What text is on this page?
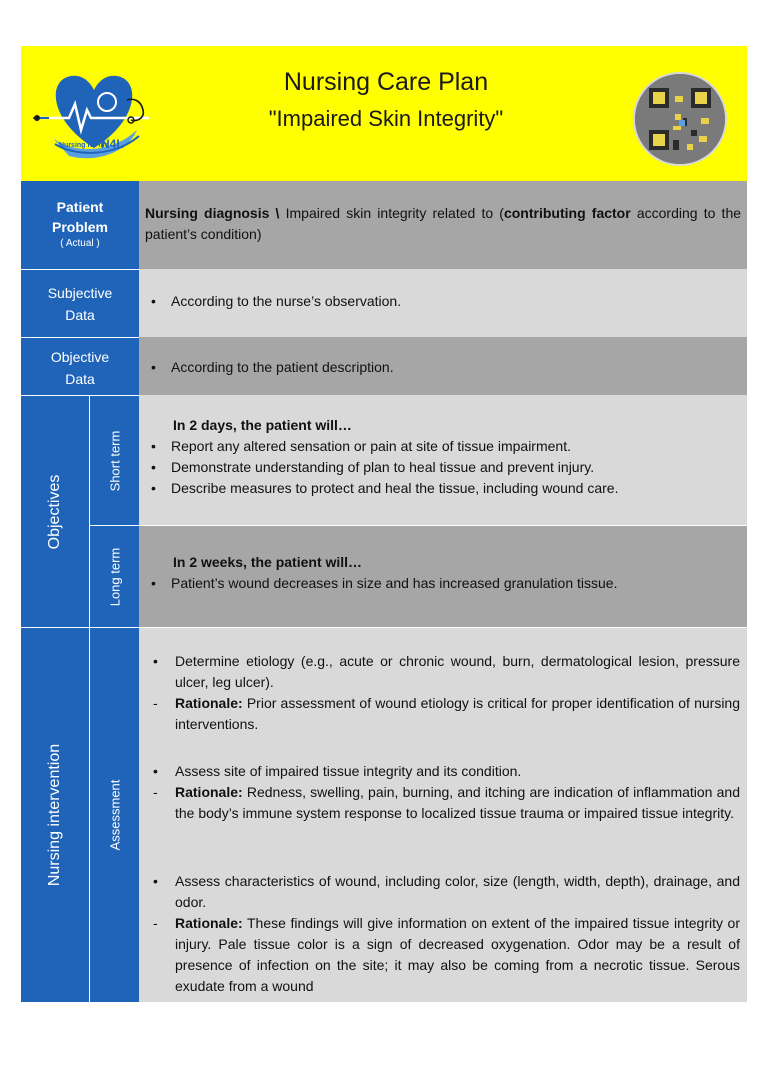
Nursing for life
N4L
Nursing Care Plan
"Impaired Skin Integrity"
Patient
Problem
( Actual )
Nursing diagnosis \ Impaired skin integrity related to (contributing factor according to the patient’s condition)
Subjective
Data
• According to the nurse’s observation.
Objective
Data
• According to the patient description.
Objectives
Short term
Long term
In 2 days, the patient will…
• Report any altered sensation or pain at site of tissue impairment.
• Demonstrate understanding of plan to heal tissue and prevent injury.
• Describe measures to protect and heal the tissue, including wound care.
In 2 weeks, the patient will…
• Patient’s wound decreases in size and has increased granulation tissue.
Nursing intervention	Assessment
• Determine etiology (e.g., acute or chronic wound, burn, dermatological lesion, pressure ulcer, leg ulcer).
- Rationale: Prior assessment of wound etiology is critical for proper identification of nursing interventions.
• Assess site of impaired tissue integrity and its condition.
- Rationale: Redness, swelling, pain, burning, and itching are indication of inflammation and the body’s immune system response to localized tissue trauma or impaired tissue integrity.
• Assess characteristics of wound, including color, size (length, width, depth), drainage, and odor.
- Rationale: These findings will give information on extent of the impaired tissue integrity or injury. Pale tissue color is a sign of decreased oxygenation. Odor may be a result of presence of infection on the site; it may also be coming from a necrotic tissue. Serous exudate from a wound
